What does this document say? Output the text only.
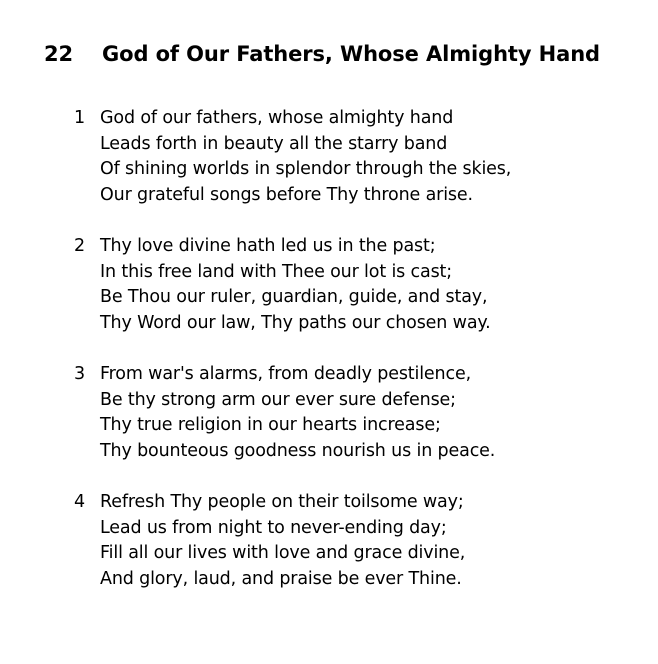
22 God of Our Fathers, Whose Almighty Hand
1 God of our fathers, whose almighty hand
Leads forth in beauty all the starry band
Of shining worlds in splendor through the skies,
Our grateful songs before Thy throne arise.
2 Thy love divine hath led us in the past;
In this free land with Thee our lot is cast;
Be Thou our ruler, guardian, guide, and stay,
Thy Word our law, Thy paths our chosen way.
3 From war's alarms, from deadly pestilence,
Be thy strong arm our ever sure defense;
Thy true religion in our hearts increase;
Thy bounteous goodness nourish us in peace.
4 Refresh Thy people on their toilsome way;
Lead us from night to never-ending day;
Fill all our lives with love and grace divine,
And glory, laud, and praise be ever Thine.
